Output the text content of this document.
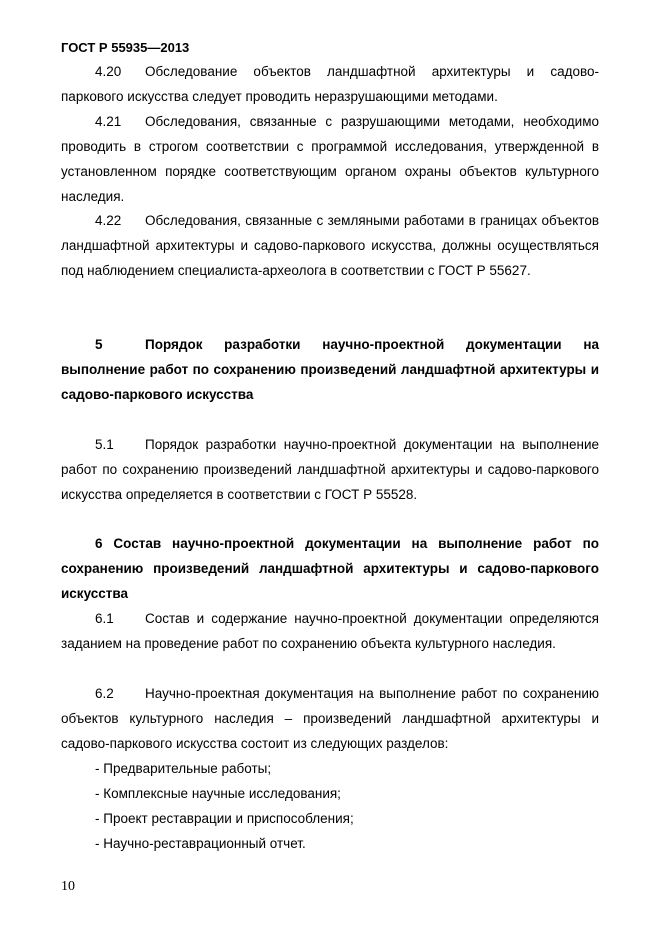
ГОСТ Р 55935—2013
4.20 Обследование объектов ландшафтной архитектуры и садово-паркового искусства следует проводить неразрушающими методами.
4.21 Обследования, связанные с разрушающими методами, необходимо проводить в строгом соответствии с программой исследования, утвержденной в установленном порядке соответствующим органом охраны объектов культурного наследия.
4.22 Обследования, связанные с земляными работами в границах объектов ландшафтной архитектуры и садово-паркового искусства, должны осуществляться под наблюдением специалиста-археолога в соответствии с ГОСТ Р 55627.
5	Порядок разработки научно-проектной документации на выполнение работ по сохранению произведений ландшафтной архитектуры и садово-паркового искусства
5.1 Порядок разработки научно-проектной документации на выполнение работ по сохранению произведений ландшафтной архитектуры и садово-паркового искусства определяется в соответствии с ГОСТ Р 55528.
6 Состав научно-проектной документации на выполнение работ по сохранению произведений ландшафтной архитектуры и садово-паркового искусства
6.1 Состав и содержание научно-проектной документации определяются заданием на проведение работ по сохранению объекта культурного наследия.
6.2 Научно-проектная документация на выполнение работ по сохранению объектов культурного наследия – произведений ландшафтной архитектуры и садово-паркового искусства состоит из следующих разделов:
- Предварительные работы;
- Комплексные научные исследования;
- Проект реставрации и приспособления;
- Научно-реставрационный отчет.
10
